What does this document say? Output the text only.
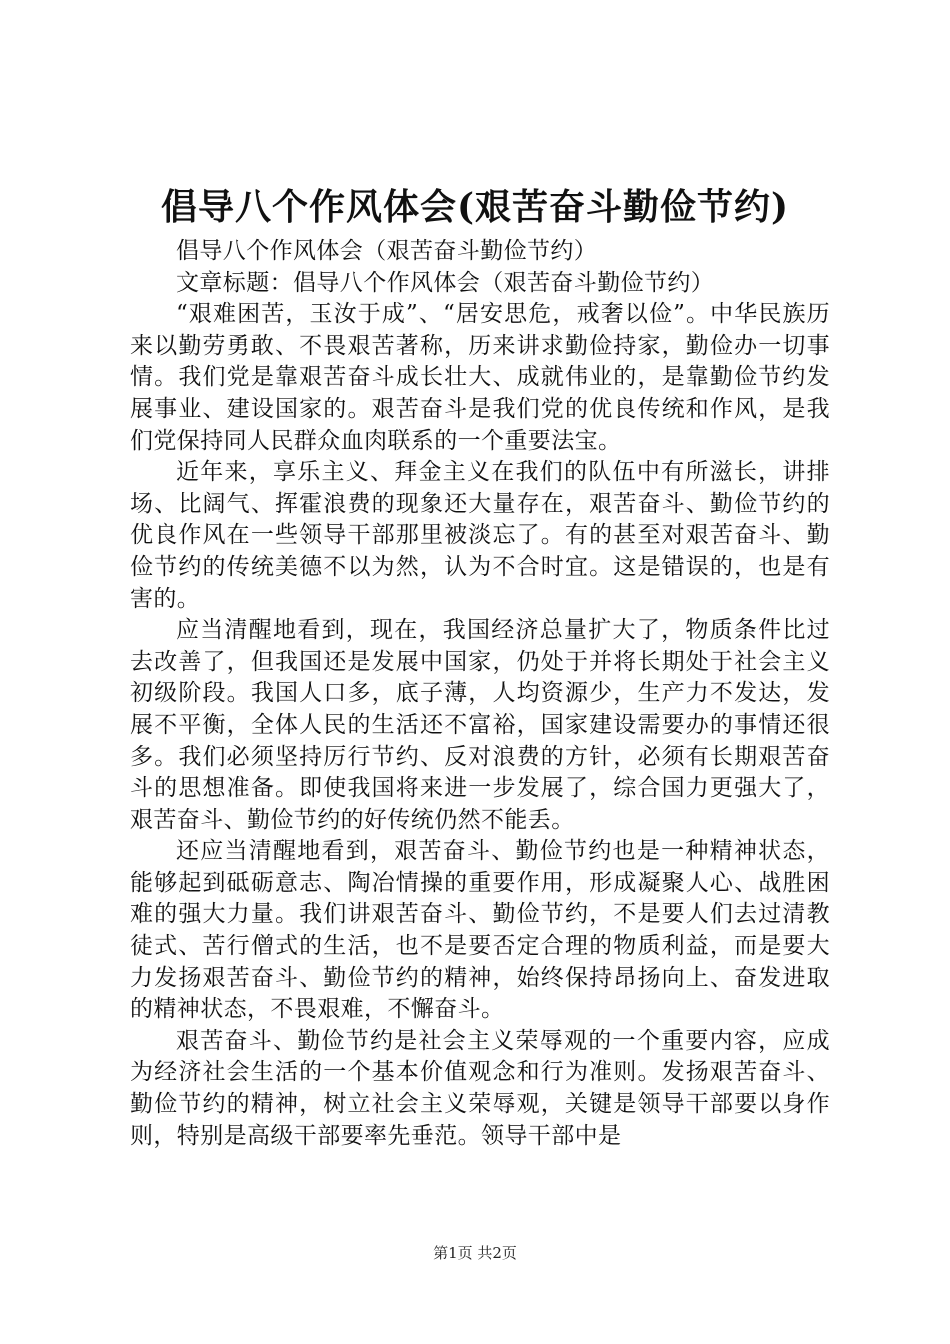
倡导八个作风体会(艰苦奋斗勤俭节约)

倡导八个作风体会（艰苦奋斗勤俭节约）

文章标题：倡导八个作风体会（艰苦奋斗勤俭节约）

“艰难困苦，玉汝于成”、“居安思危，戒奢以俭”。中华民族历来以勤劳勇敢、不畏艰苦著称，历来讲求勤俭持家，勤俭办一切事情。我们党是靠艰苦奋斗成长壮大、成就伟业的，是靠勤俭节约发展事业、建设国家的。艰苦奋斗是我们党的优良传统和作风，是我们党保持同人民群众血肉联系的一个重要法宝。

近年来，享乐主义、拜金主义在我们的队伍中有所滋长，讲排场、比阔气、挥霍浪费的现象还大量存在，艰苦奋斗、勤俭节约的优良作风在一些领导干部那里被淡忘了。有的甚至对艰苦奋斗、勤俭节约的传统美德不以为然，认为不合时宜。这是错误的，也是有害的。

应当清醒地看到，现在，我国经济总量扩大了，物质条件比过去改善了，但我国还是发展中国家，仍处于并将长期处于社会主义初级阶段。我国人口多，底子薄，人均资源少，生产力不发达，发展不平衡，全体人民的生活还不富裕，国家建设需要办的事情还很多。我们必须坚持厉行节约、反对浪费的方针，必须有长期艰苦奋斗的思想准备。即使我国将来进一步发展了，综合国力更强大了，艰苦奋斗、勤俭节约的好传统仍然不能丢。

还应当清醒地看到，艰苦奋斗、勤俭节约也是一种精神状态，能够起到砥砺意志、陶冶情操的重要作用，形成凝聚人心、战胜困难的强大力量。我们讲艰苦奋斗、勤俭节约，不是要人们去过清教徒式、苦行僧式的生活，也不是要否定合理的物质利益，而是要大力发扬艰苦奋斗、勤俭节约的精神，始终保持昂扬向上、奋发进取的精神状态，不畏艰难，不懈奋斗。

艰苦奋斗、勤俭节约是社会主义荣辱观的一个重要内容，应成为经济社会生活的一个基本价值观念和行为准则。发扬艰苦奋斗、勤俭节约的精神，树立社会主义荣辱观，关键是领导干部要以身作则，特别是高级干部要率先垂范。领导干部中是

第1页 共2页
